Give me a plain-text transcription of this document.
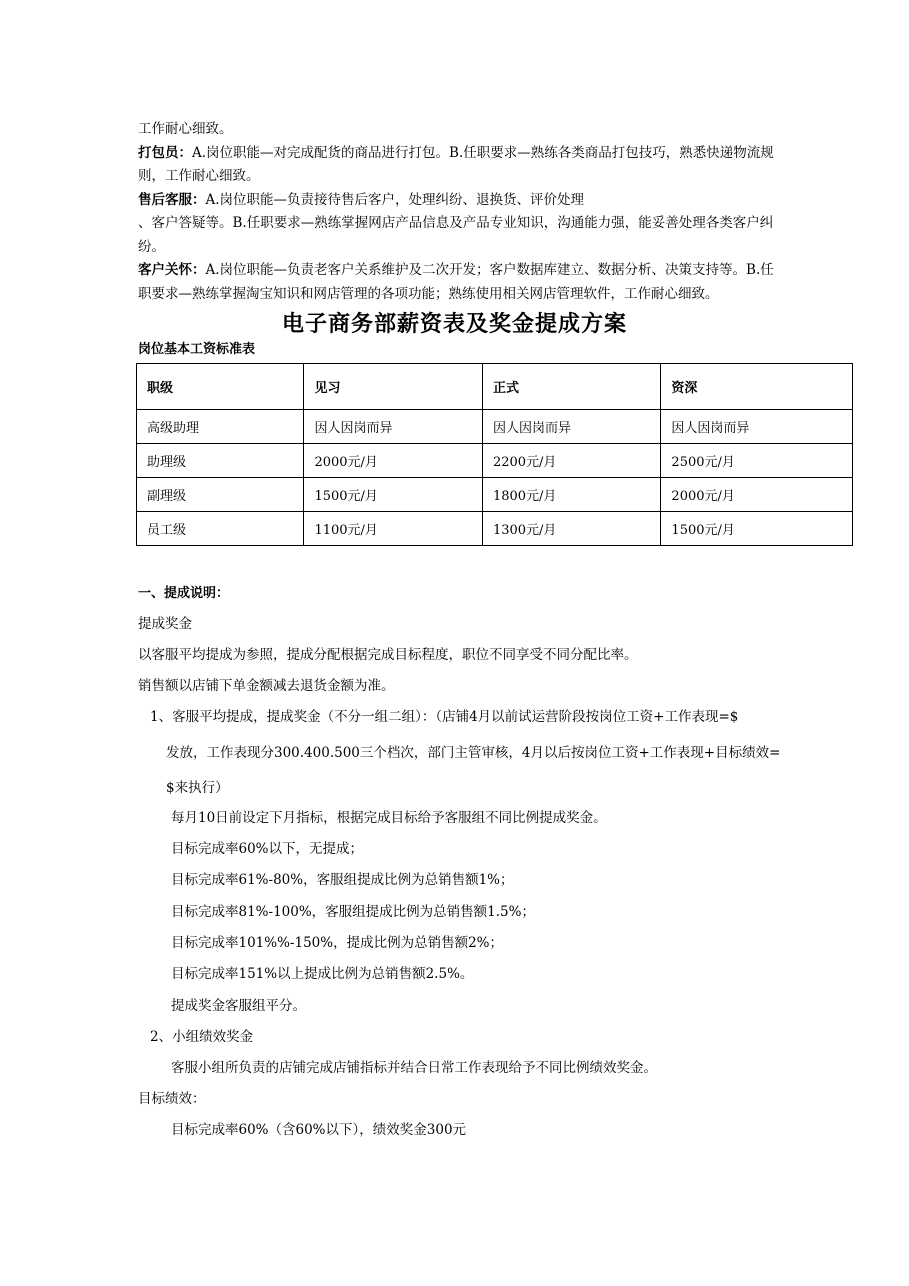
工作耐心细致。

打包员：A.岗位职能—对完成配货的商品进行打包。B.任职要求—熟练各类商品打包技巧，熟悉快递物流规则，工作耐心细致。

售后客服：A.岗位职能—负责接待售后客户，处理纠纷、退换货、评价处理

、客户答疑等。B.任职要求—熟练掌握网店产品信息及产品专业知识，沟通能力强，能妥善处理各类客户纠纷。

客户关怀：A.岗位职能—负责老客户关系维护及二次开发；客户数据库建立、数据分析、决策支持等。B.任职要求—熟练掌握淘宝知识和网店管理的各项功能；熟练使用相关网店管理软件，工作耐心细致。

电子商务部薪资表及奖金提成方案
岗位基本工资标准表
职级	见习	正式	资深
高级助理	因人因岗而异	因人因岗而异	因人因岗而异
助理级	2000元/月	2200元/月	2500元/月
副理级	1500元/月	1800元/月	2000元/月
员工级	1100元/月	1300元/月	1500元/月
一、提成说明：
提成奖金
以客服平均提成为参照，提成分配根据完成目标程度，职位不同享受不同分配比率。
销售额以店铺下单金额减去退货金额为准。
1、客服平均提成，提成奖金（不分一组二组）：（店铺4月以前试运营阶段按岗位工资+工作表现=$
发放，工作表现分300.400.500三个档次，部门主管审核，4月以后按岗位工资+工作表现+目标绩效=
$来执行）
每月10日前设定下月指标，根据完成目标给予客服组不同比例提成奖金。
目标完成率60%以下，无提成；
目标完成率61%-80%，客服组提成比例为总销售额1%；
目标完成率81%-100%，客服组提成比例为总销售额1.5%；
目标完成率101%%-150%，提成比例为总销售额2%；
目标完成率151%以上提成比例为总销售额2.5%。
提成奖金客服组平分。
2、小组绩效奖金
客服小组所负责的店铺完成店铺指标并结合日常工作表现给予不同比例绩效奖金。
目标绩效：
目标完成率60%（含60%以下），绩效奖金300元
